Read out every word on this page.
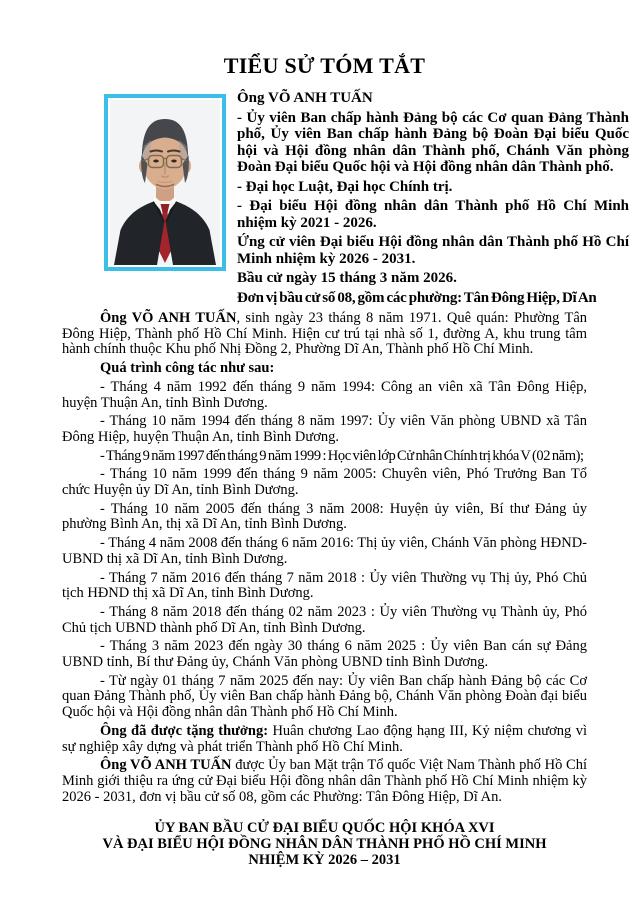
TIỂU SỬ TÓM TẮT

Ông VÕ ANH TUẤN

- Ủy viên Ban chấp hành Đảng bộ các Cơ quan Đảng Thành phố, Ủy viên Ban chấp hành Đảng bộ Đoàn Đại biểu Quốc hội và Hội đồng nhân dân Thành phố, Chánh Văn phòng Đoàn Đại biểu Quốc hội và Hội đồng nhân dân Thành phố.

- Đại học Luật, Đại học Chính trị.

- Đại biểu Hội đồng nhân dân Thành phố Hồ Chí Minh nhiệm kỳ 2021 - 2026.

Ứng cử viên Đại biểu Hội đồng nhân dân Thành phố Hồ Chí Minh nhiệm kỳ 2026 - 2031.

Bầu cử ngày 15 tháng 3 năm 2026.

Đơn vị bầu cử số 08, gồm các phường: Tân Đông Hiệp, Dĩ An

Ông VÕ ANH TUẤN, sinh ngày 23 tháng 8 năm 1971. Quê quán: Phường Tân Đông Hiệp, Thành phố Hồ Chí Minh. Hiện cư trú tại nhà số 1, đường A, khu trung tâm hành chính thuộc Khu phố Nhị Đồng 2, Phường Dĩ An, Thành phố Hồ Chí Minh.

Quá trình công tác như sau:

- Tháng 4 năm 1992 đến tháng 9 năm 1994: Công an viên xã Tân Đông Hiệp, huyện Thuận An, tỉnh Bình Dương.

- Tháng 10 năm 1994 đến tháng 8 năm 1997: Ủy viên Văn phòng UBND xã Tân Đông Hiệp, huyện Thuận An, tỉnh Bình Dương.

- Tháng 9 năm 1997 đến tháng 9 năm 1999 : Học viên lớp Cử nhân Chính trị khóa V (02 năm);

- Tháng 10 năm 1999 đến tháng 9 năm 2005: Chuyên viên, Phó Trưởng Ban Tổ chức Huyện ủy Dĩ An, tỉnh Bình Dương.

- Tháng 10 năm 2005 đến tháng 3 năm 2008: Huyện ủy viên, Bí thư Đảng ủy phường Bình An, thị xã Dĩ An, tỉnh Bình Dương.

- Tháng 4 năm 2008 đến tháng 6 năm 2016: Thị ủy viên, Chánh Văn phòng HĐND-UBND thị xã Dĩ An, tỉnh Bình Dương.

- Tháng 7 năm 2016 đến tháng 7 năm 2018 : Ủy viên Thường vụ Thị ủy, Phó Chủ tịch HĐND thị xã Dĩ An, tỉnh Bình Dương.

- Tháng 8 năm 2018 đến tháng 02 năm 2023 : Ủy viên Thường vụ Thành ủy, Phó Chủ tịch UBND thành phố Dĩ An, tỉnh Bình Dương.

- Tháng 3 năm 2023 đến ngày 30 tháng 6 năm 2025 : Ủy viên Ban cán sự Đảng UBND tỉnh, Bí thư Đảng ủy, Chánh Văn phòng UBND tỉnh Bình Dương.

- Từ ngày 01 tháng 7 năm 2025 đến nay: Ủy viên Ban chấp hành Đảng bộ các Cơ quan Đảng Thành phố, Ủy viên Ban chấp hành Đảng bộ, Chánh Văn phòng Đoàn đại biểu Quốc hội và Hội đồng nhân dân Thành phố Hồ Chí Minh.

Ông đã được tặng thưởng: Huân chương Lao động hạng III, Kỷ niệm chương vì sự nghiệp xây dựng và phát triển Thành phố Hồ Chí Minh.

Ông VÕ ANH TUẤN được Ủy ban Mặt trận Tổ quốc Việt Nam Thành phố Hồ Chí Minh giới thiệu ra ứng cử Đại biểu Hội đồng nhân dân Thành phố Hồ Chí Minh nhiệm kỳ 2026 - 2031, đơn vị bầu cử số 08, gồm các Phường: Tân Đông Hiệp, Dĩ An.

ỦY BAN BẦU CỬ ĐẠI BIỂU QUỐC HỘI KHÓA XVI
VÀ ĐẠI BIỂU HỘI ĐỒNG NHÂN DÂN THÀNH PHỐ HỒ CHÍ MINH
NHIỆM KỲ 2026 – 2031
